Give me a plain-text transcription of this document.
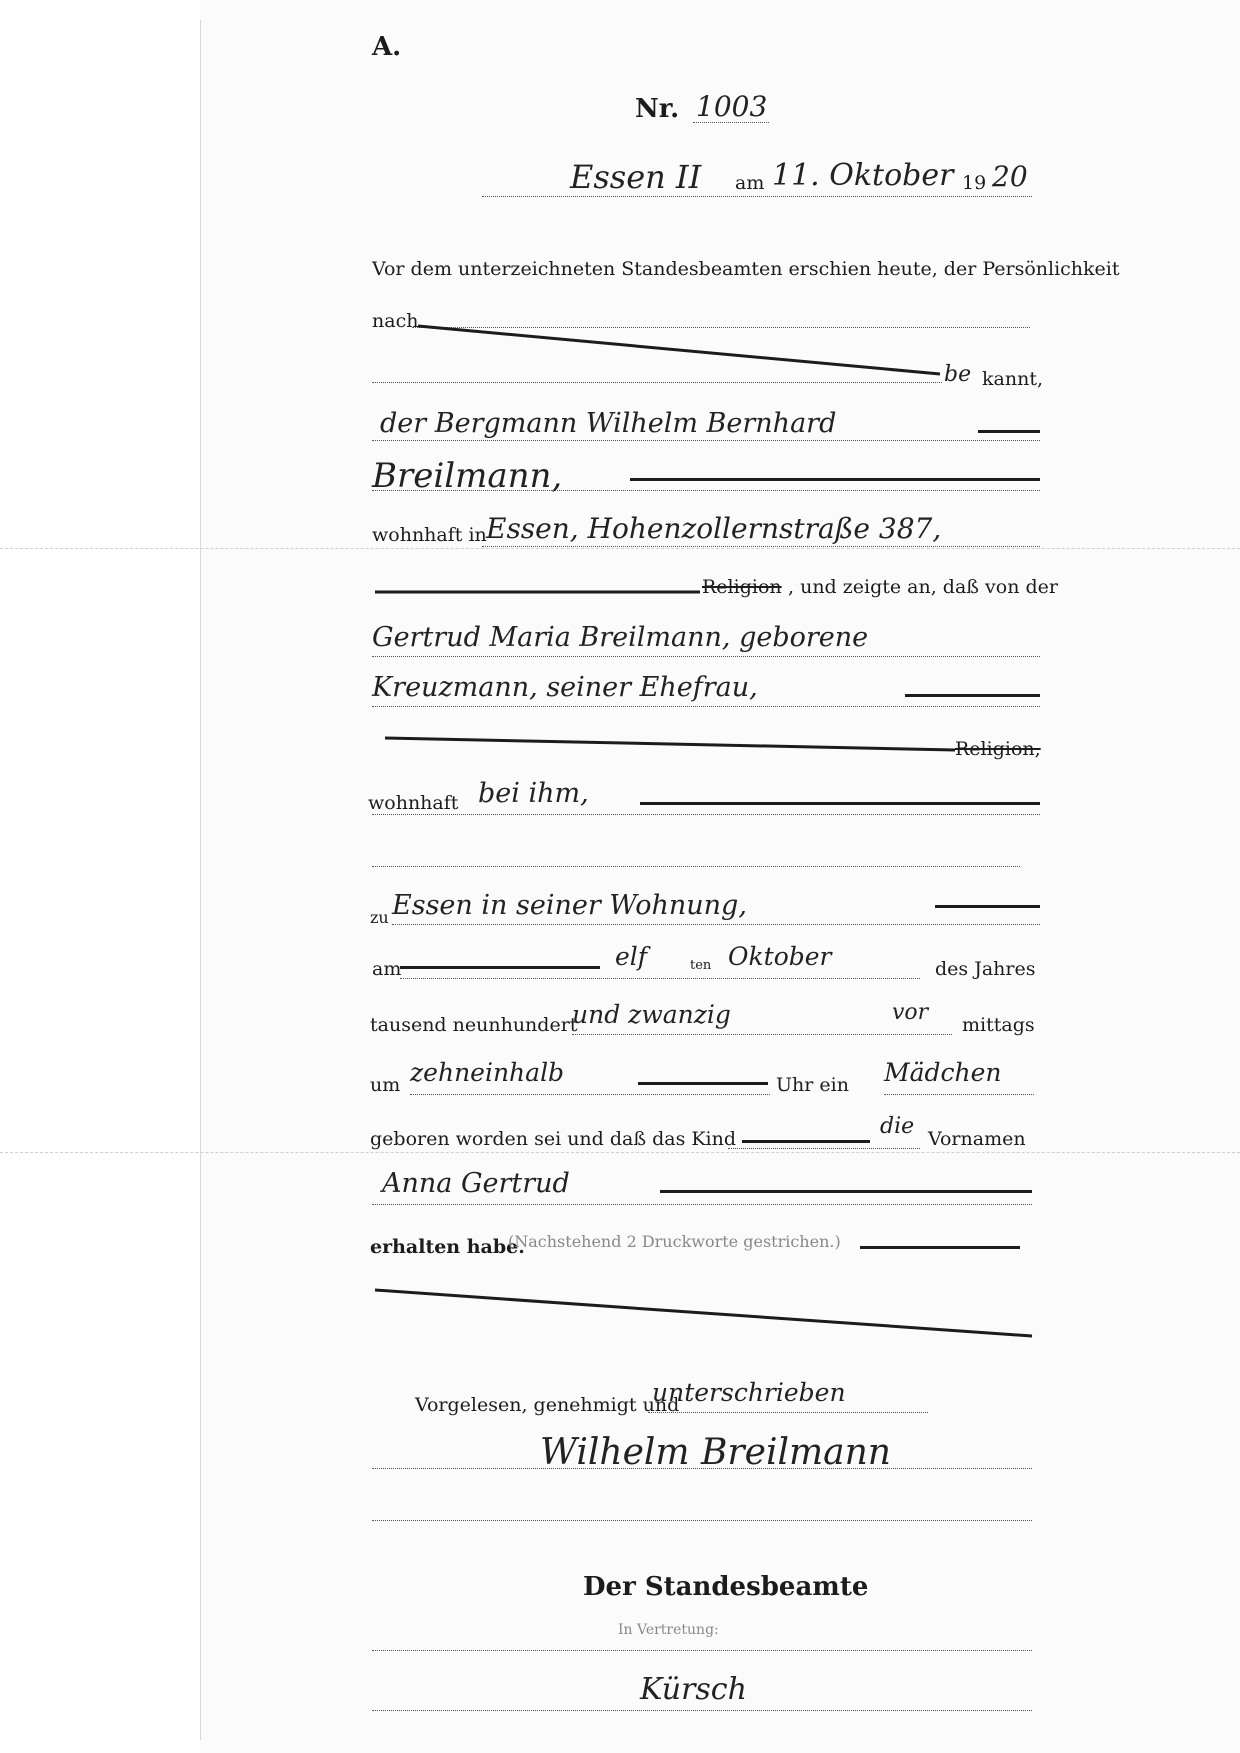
A.
Nr. 1003
Essen II am 11. Oktober 19 20
Vor dem unterzeichneten Standesbeamten erschien heute, der Persönlichkeit
nach
be kannt,
der Bergmann Wilhelm Bernhard
Breilmann,
wohnhaft in Essen, Hohenzollernstraße 387,
Religion , und zeigte an, daß von der
Gertrud Maria Breilmann, geborene
Kreuzmann, seiner Ehefrau,
Religion,
wohnhaft bei ihm,
zu Essen in seiner Wohnung,
am	elf	ten Oktober	des Jahres
tausend neunhundert
und zwanzig	vor mittags
um zehneinhalb	Uhr ein Mädchen
geboren worden sei und daß das Kind	die Vornamen
Anna Gertrud
erhalten habe.
(Nachstehend 2 Druckworte gestrichen.)
Vorgelesen, genehmigt und
unterschrieben
Wilhelm Breilmann
Der Standesbeamte
In Vertretung:
Kürsch
